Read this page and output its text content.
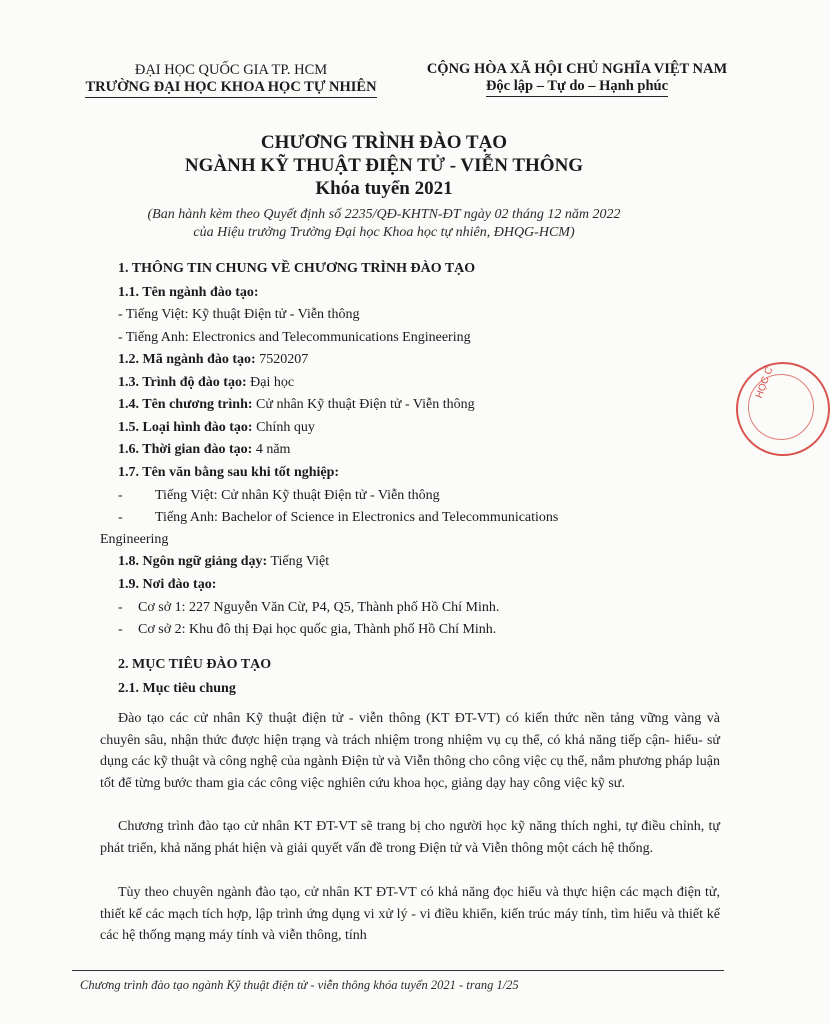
ĐẠI HỌC QUỐC GIA TP. HCM
TRƯỜNG ĐẠI HỌC KHOA HỌC TỰ NHIÊN
CỘNG HÒA XÃ HỘI CHỦ NGHĨA VIỆT NAM
Độc lập – Tự do – Hạnh phúc
CHƯƠNG TRÌNH ĐÀO TẠO
NGÀNH KỸ THUẬT ĐIỆN TỬ - VIỄN THÔNG
Khóa tuyển 2021
(Ban hành kèm theo Quyết định số 2235/QĐ-KHTN-ĐT ngày 02 tháng 12 năm 2022
của Hiệu trưởng Trường Đại học Khoa học tự nhiên, ĐHQG-HCM)
1. THÔNG TIN CHUNG VỀ CHƯƠNG TRÌNH ĐÀO TẠO
1.1. Tên ngành đào tạo:
- Tiếng Việt: Kỹ thuật Điện tử - Viễn thông
- Tiếng Anh: Electronics and Telecommunications Engineering
1.2. Mã ngành đào tạo: 7520207
1.3. Trình độ đào tạo: Đại học
1.4. Tên chương trình: Cử nhân Kỹ thuật Điện tử - Viễn thông
1.5. Loại hình đào tạo: Chính quy
1.6. Thời gian đào tạo: 4 năm
1.7. Tên văn bằng sau khi tốt nghiệp:
- Tiếng Việt: Cử nhân Kỹ thuật Điện tử - Viễn thông
- Tiếng Anh: Bachelor of Science in Electronics and Telecommunications
Engineering
1.8. Ngôn ngữ giảng dạy: Tiếng Việt
1.9. Nơi đào tạo:
- Cơ sở 1: 227 Nguyễn Văn Cừ, P4, Q5, Thành phố Hồ Chí Minh.
- Cơ sở 2: Khu đô thị Đại học quốc gia, Thành phố Hồ Chí Minh.
2. MỤC TIÊU ĐÀO TẠO
2.1. Mục tiêu chung
Đào tạo các cử nhân Kỹ thuật điện tử - viễn thông (KT ĐT-VT) có kiến thức nền tảng vững vàng và chuyên sâu, nhận thức được hiện trạng và trách nhiệm trong nhiệm vụ cụ thể, có khả năng tiếp cận- hiểu- sử dụng các kỹ thuật và công nghệ của ngành Điện tử và Viễn thông cho công việc cụ thể, nắm phương pháp luận tốt để từng bước tham gia các công việc nghiên cứu khoa học, giảng dạy hay công việc kỹ sư.
Chương trình đào tạo cử nhân KT ĐT-VT sẽ trang bị cho người học kỹ năng thích nghi, tự điều chỉnh, tự phát triển, khả năng phát hiện và giải quyết vấn đề trong Điện tử và Viễn thông một cách hệ thống.
Tùy theo chuyên ngành đào tạo, cử nhân KT ĐT-VT có khả năng đọc hiểu và thực hiện các mạch điện tử, thiết kế các mạch tích hợp, lập trình ứng dụng vi xử lý - vi điều khiển, kiến trúc máy tính, tìm hiểu và thiết kế các hệ thống mạng máy tính và viễn thông, tính
HỌC C
Chương trình đào tạo ngành Kỹ thuật điện tử - viễn thông khóa tuyển 2021 - trang 1/25
